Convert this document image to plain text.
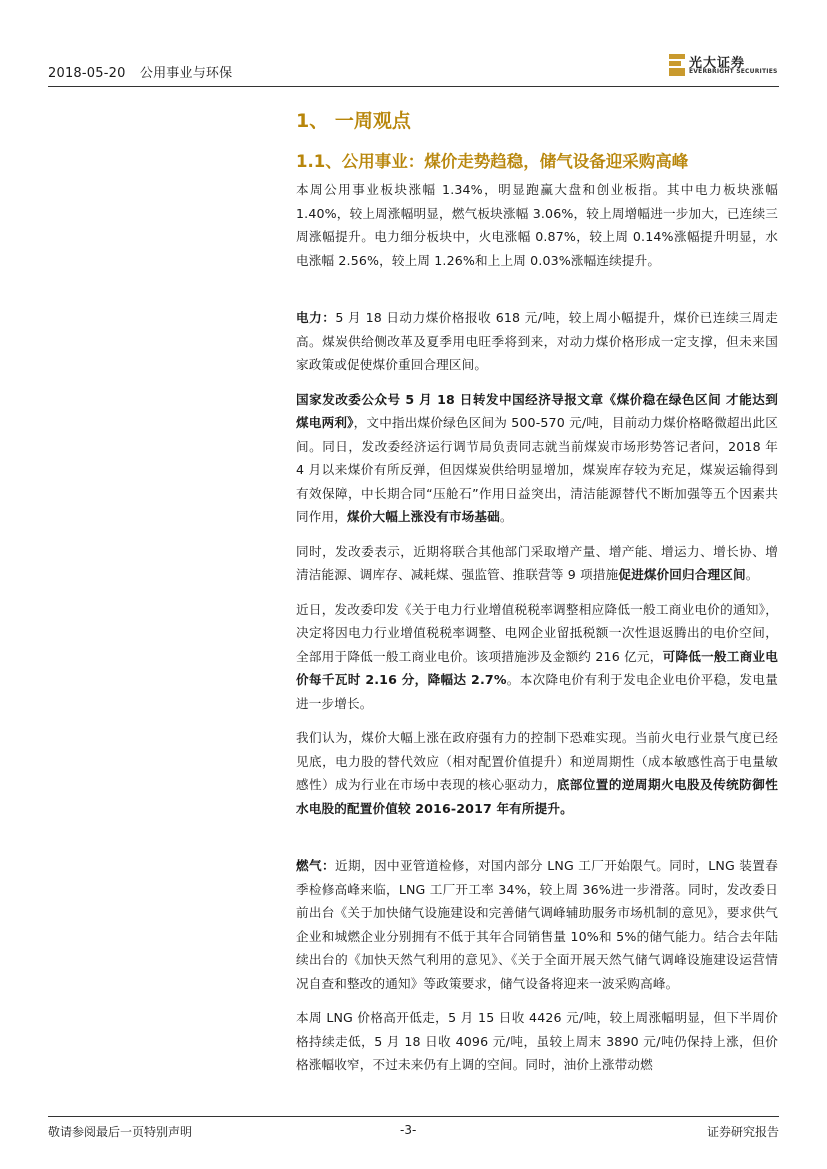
2018-05-20 公用事业与环保
光大证券
EVERBRIGHT SECURITIES
1、 一周观点
1.1、公用事业：煤价走势趋稳，储气设备迎采购高峰

本周公用事业板块涨幅 1.34%，明显跑赢大盘和创业板指。其中电力板块涨幅 1.40%，较上周涨幅明显，燃气板块涨幅 3.06%，较上周增幅进一步加大，已连续三周涨幅提升。电力细分板块中，火电涨幅 0.87%，较上周 0.14%涨幅提升明显，水电涨幅 2.56%，较上周 1.26%和上上周 0.03%涨幅连续提升。

电力：5 月 18 日动力煤价格报收 618 元/吨，较上周小幅提升，煤价已连续三周走高。煤炭供给侧改革及夏季用电旺季将到来，对动力煤价格形成一定支撑，但未来国家政策或促使煤价重回合理区间。

国家发改委公众号 5 月 18 日转发中国经济导报文章《煤价稳在绿色区间 才能达到煤电两利》，文中指出煤价绿色区间为 500-570 元/吨，目前动力煤价格略微超出此区间。同日，发改委经济运行调节局负责同志就当前煤炭市场形势答记者问，2018 年 4 月以来煤价有所反弹，但因煤炭供给明显增加，煤炭库存较为充足，煤炭运输得到有效保障，中长期合同“压舱石”作用日益突出，清洁能源替代不断加强等五个因素共同作用，煤价大幅上涨没有市场基础。

同时，发改委表示，近期将联合其他部门采取增产量、增产能、增运力、增长协、增清洁能源、调库存、减耗煤、强监管、推联营等 9 项措施促进煤价回归合理区间。

近日，发改委印发《关于电力行业增值税税率调整相应降低一般工商业电价的通知》，决定将因电力行业增值税税率调整、电网企业留抵税额一次性退返腾出的电价空间，全部用于降低一般工商业电价。该项措施涉及金额约 216 亿元，可降低一般工商业电价每千瓦时 2.16 分，降幅达 2.7%。本次降电价有利于发电企业电价平稳，发电量进一步增长。

我们认为，煤价大幅上涨在政府强有力的控制下恐难实现。当前火电行业景气度已经见底，电力股的替代效应（相对配置价值提升）和逆周期性（成本敏感性高于电量敏感性）成为行业在市场中表现的核心驱动力，底部位置的逆周期火电股及传统防御性水电股的配置价值较 2016-2017 年有所提升。

燃气：近期，因中亚管道检修，对国内部分 LNG 工厂开始限气。同时，LNG 装置春季检修高峰来临，LNG 工厂开工率 34%，较上周 36%进一步滑落。同时，发改委日前出台《关于加快储气设施建设和完善储气调峰辅助服务市场机制的意见》，要求供气企业和城燃企业分别拥有不低于其年合同销售量 10%和 5%的储气能力。结合去年陆续出台的《加快天然气利用的意见》、《关于全面开展天然气储气调峰设施建设运营情况自查和整改的通知》等政策要求，储气设备将迎来一波采购高峰。

本周 LNG 价格高开低走，5 月 15 日收 4426 元/吨，较上周涨幅明显，但下半周价格持续走低，5 月 18 日收 4096 元/吨，虽较上周末 3890 元/吨仍保持上涨，但价格涨幅收窄，不过未来仍有上调的空间。同时，油价上涨带动燃

敬请参阅最后一页特别声明	-3-	证券研究报告
